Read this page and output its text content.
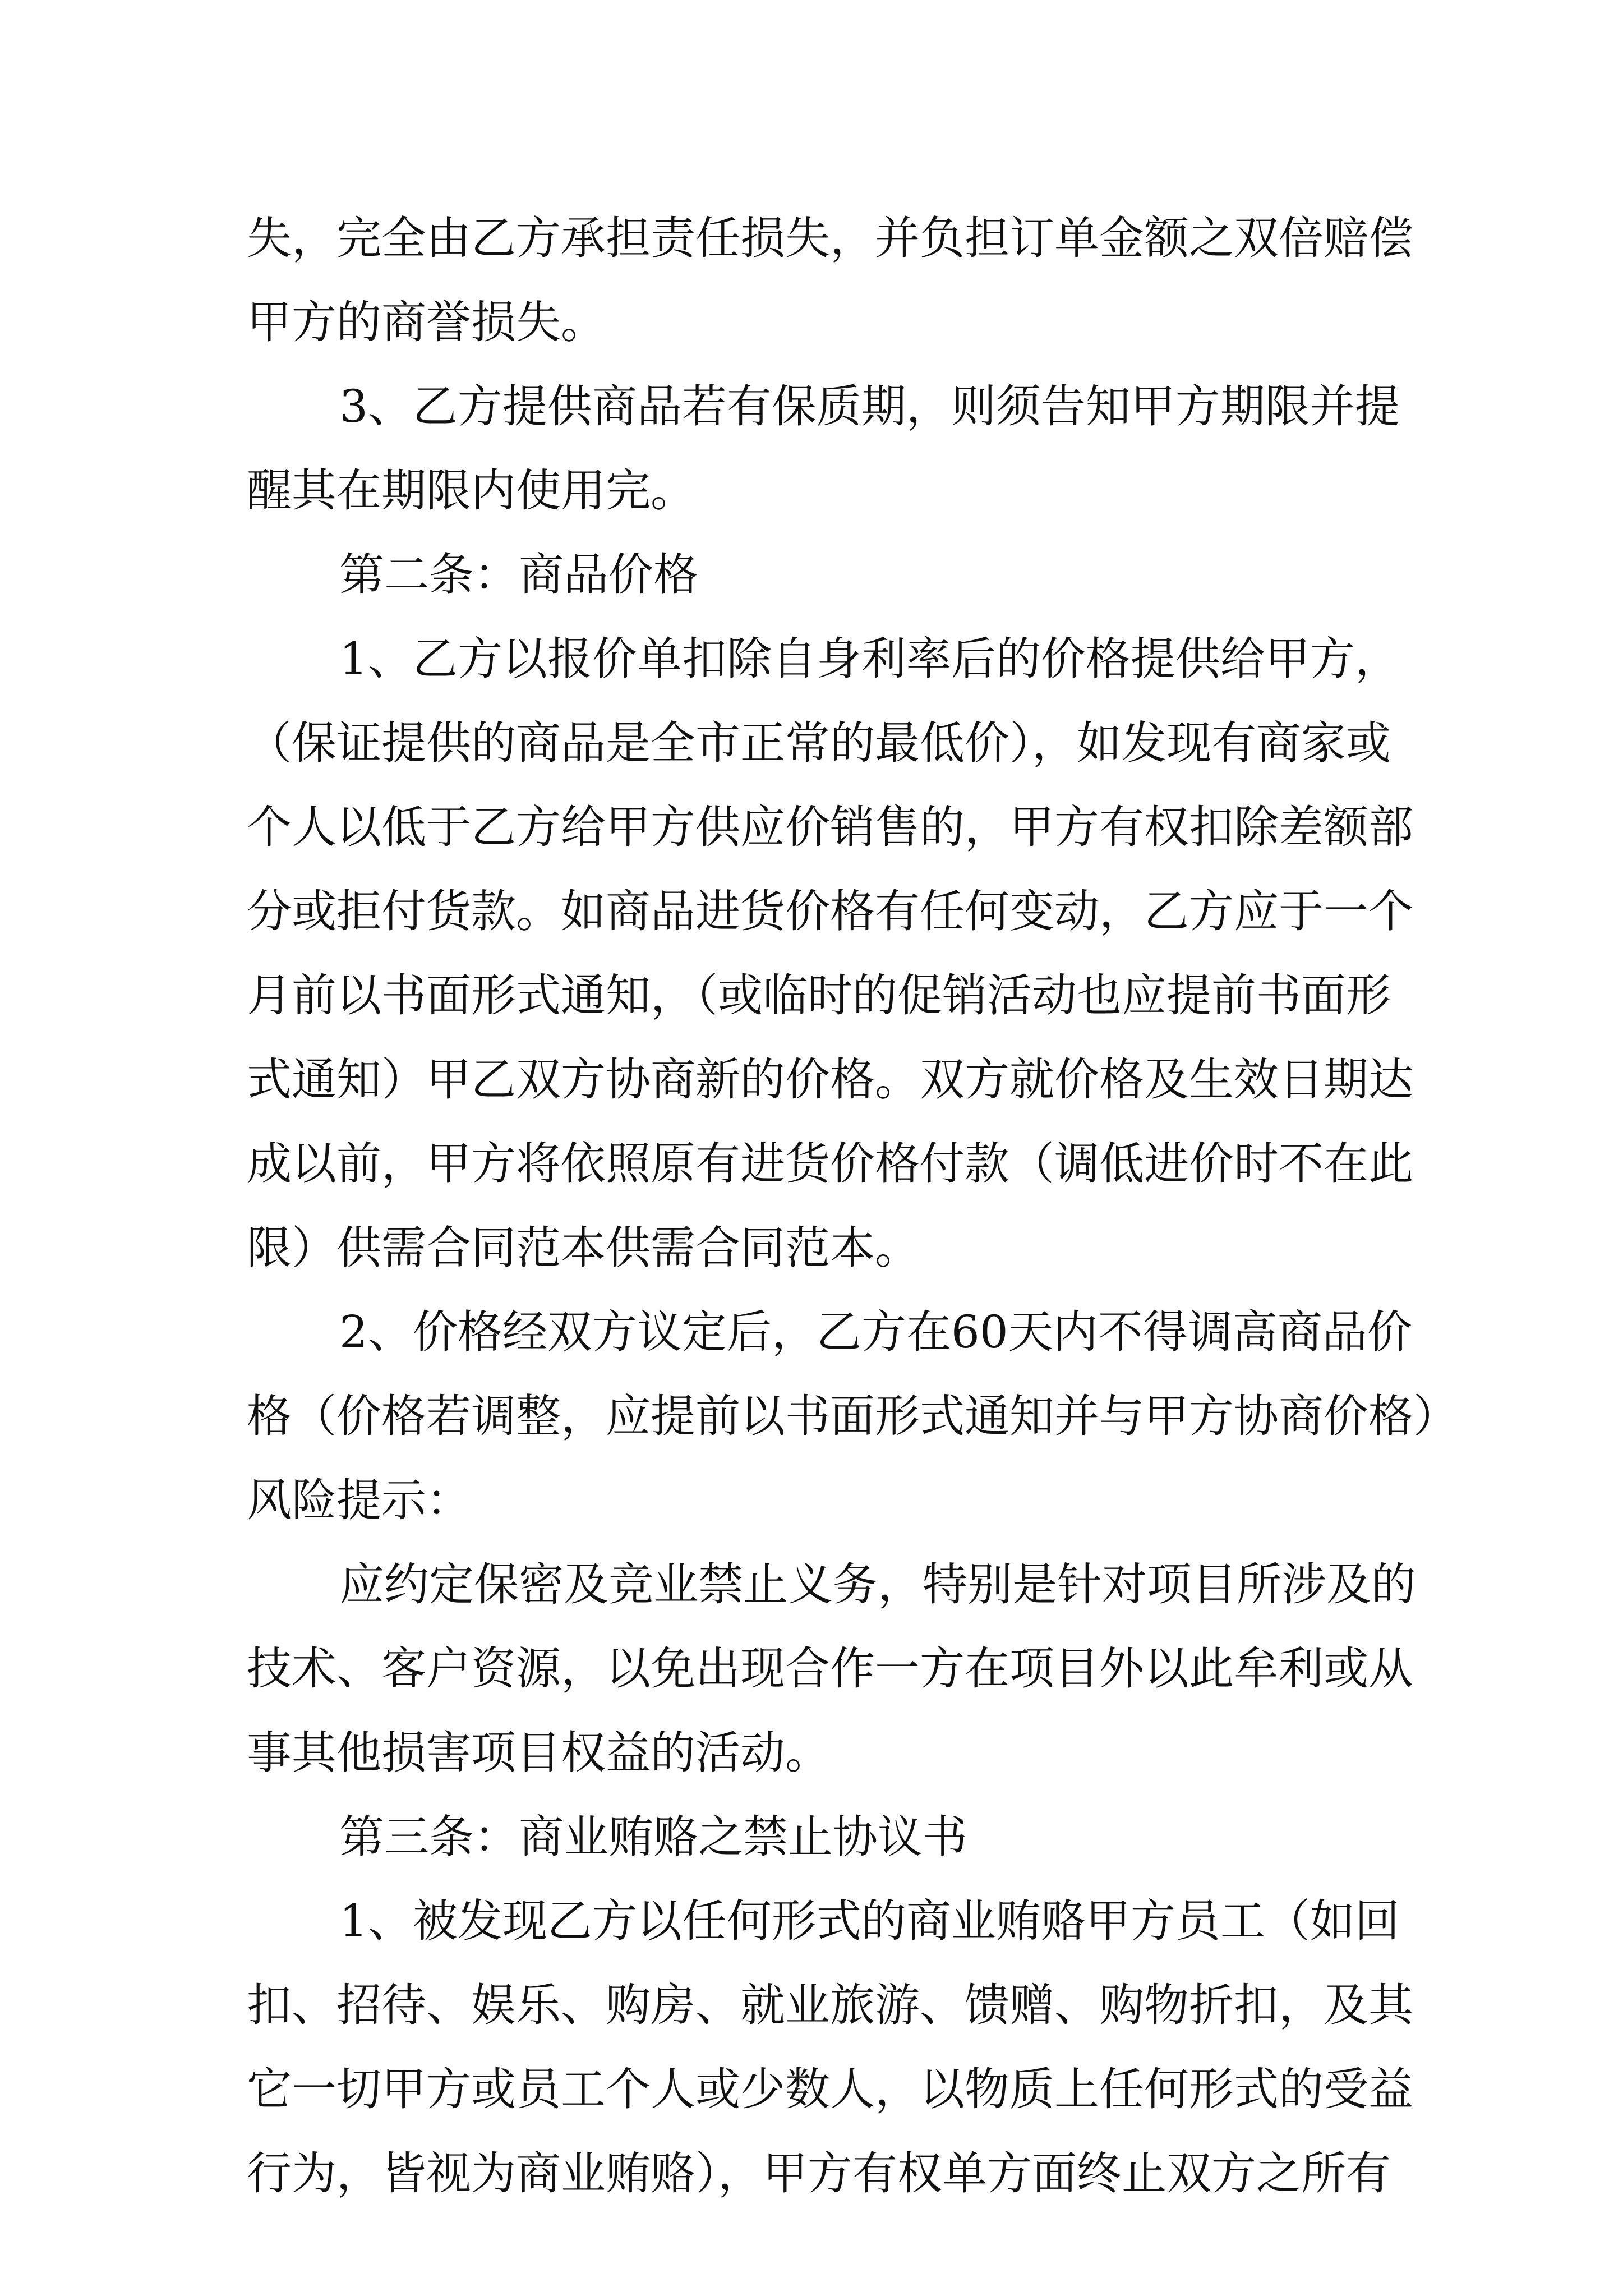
失，完全由乙方承担责任损失，并负担订单金额之双倍赔偿
甲方的商誉损失。
3、乙方提供商品若有保质期，则须告知甲方期限并提
醒其在期限内使用完。
第二条：商品价格
1、乙方以报价单扣除自身利率后的价格提供给甲方，
（保证提供的商品是全市正常的最低价），如发现有商家或
个人以低于乙方给甲方供应价销售的，甲方有权扣除差额部
分或拒付货款。如商品进货价格有任何变动，乙方应于一个
月前以书面形式通知，（或临时的促销活动也应提前书面形
式通知）甲乙双方协商新的价格。双方就价格及生效日期达
成以前，甲方将依照原有进货价格付款（调低进价时不在此
限）供需合同范本供需合同范本。
2、价格经双方议定后，乙方在60天内不得调高商品价
格（价格若调整，应提前以书面形式通知并与甲方协商价格）
风险提示：
应约定保密及竞业禁止义务，特别是针对项目所涉及的
技术、客户资源，以免出现合作一方在项目外以此牟利或从
事其他损害项目权益的活动。
第三条：商业贿赂之禁止协议书
1、被发现乙方以任何形式的商业贿赂甲方员工（如回
扣、招待、娱乐、购房、就业旅游、馈赠、购物折扣，及其
它一切甲方或员工个人或少数人，以物质上任何形式的受益
行为，皆视为商业贿赂），甲方有权单方面终止双方之所有
